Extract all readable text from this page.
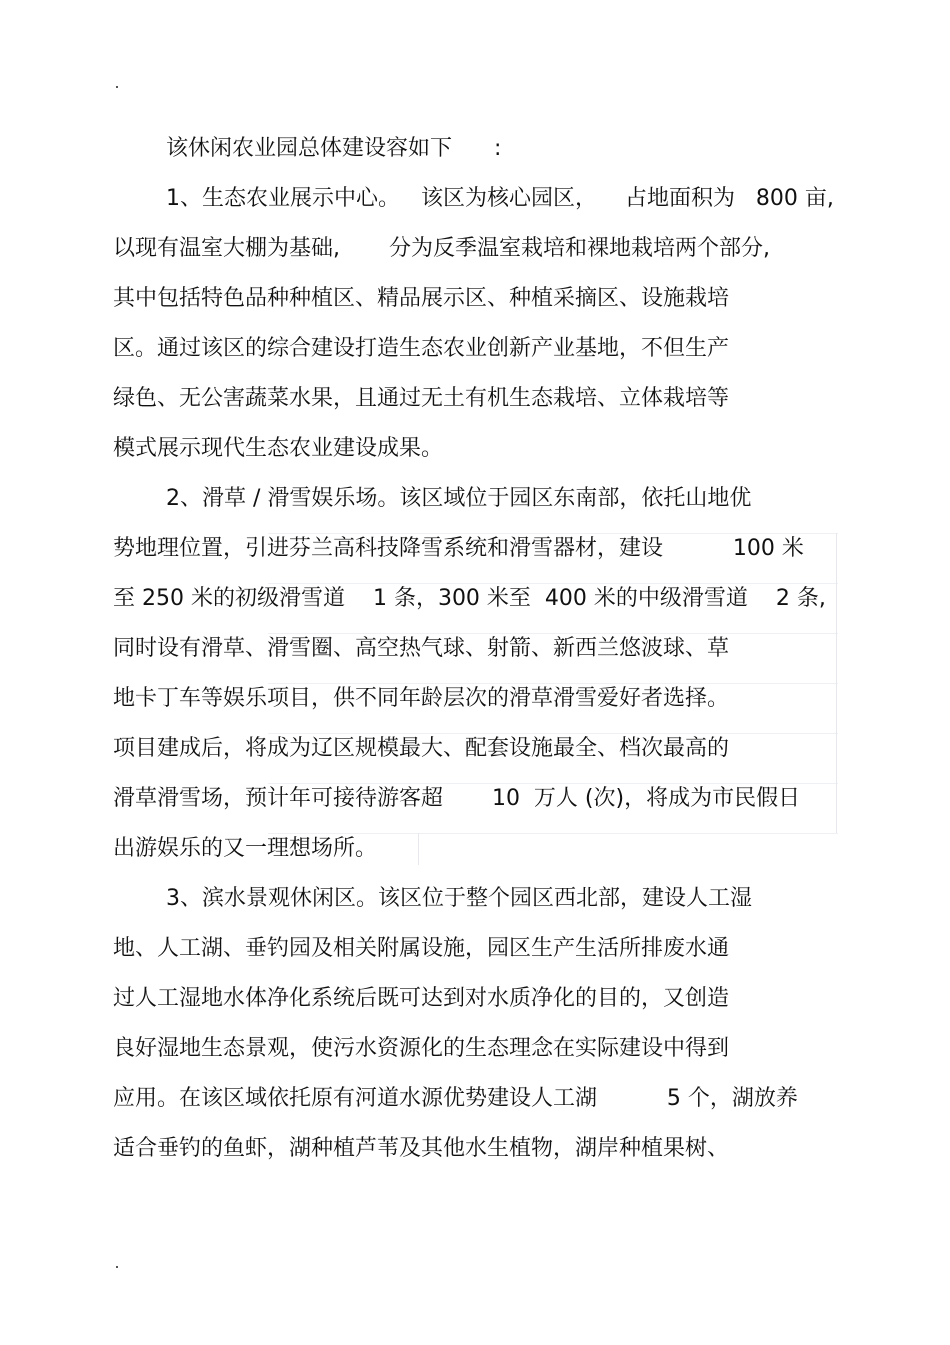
该休闲农业园总体建设容如下      :
1、生态农业展示中心。   该区为核心园区，    占地面积为   800 亩,
以现有温室大棚为基础,       分为反季温室栽培和裸地栽培两个部分,
其中包括特色品种种植区、精品展示区、种植采摘区、设施栽培
区。通过该区的综合建设打造生态农业创新产业基地，不但生产
绿色、无公害蔬菜水果，且通过无土有机生态栽培、立体栽培等
模式展示现代生态农业建设成果。
2、滑草 / 滑雪娱乐场。该区域位于园区东南部，依托山地优
势地理位置，引进芬兰高科技降雪系统和滑雪器材，建设          100 米
至 250 米的初级滑雪道    1 条，300 米至  400 米的中级滑雪道    2 条,
同时设有滑草、滑雪圈、高空热气球、射箭、新西兰悠波球、草
地卡丁车等娱乐项目，供不同年龄层次的滑草滑雪爱好者选择。
项目建成后，将成为辽区规模最大、配套设施最全、档次最高的
滑草滑雪场，预计年可接待游客超       10  万人 (次)，将成为市民假日
出游娱乐的又一理想场所。
3、滨水景观休闲区。该区位于整个园区西北部，建设人工湿
地、人工湖、垂钓园及相关附属设施，园区生产生活所排废水通
过人工湿地水体净化系统后既可达到对水质净化的目的，又创造
良好湿地生态景观，使污水资源化的生态理念在实际建设中得到
应用。在该区域依托原有河道水源优势建设人工湖          5 个，湖放养
适合垂钓的鱼虾，湖种植芦苇及其他水生植物，湖岸种植果树、
